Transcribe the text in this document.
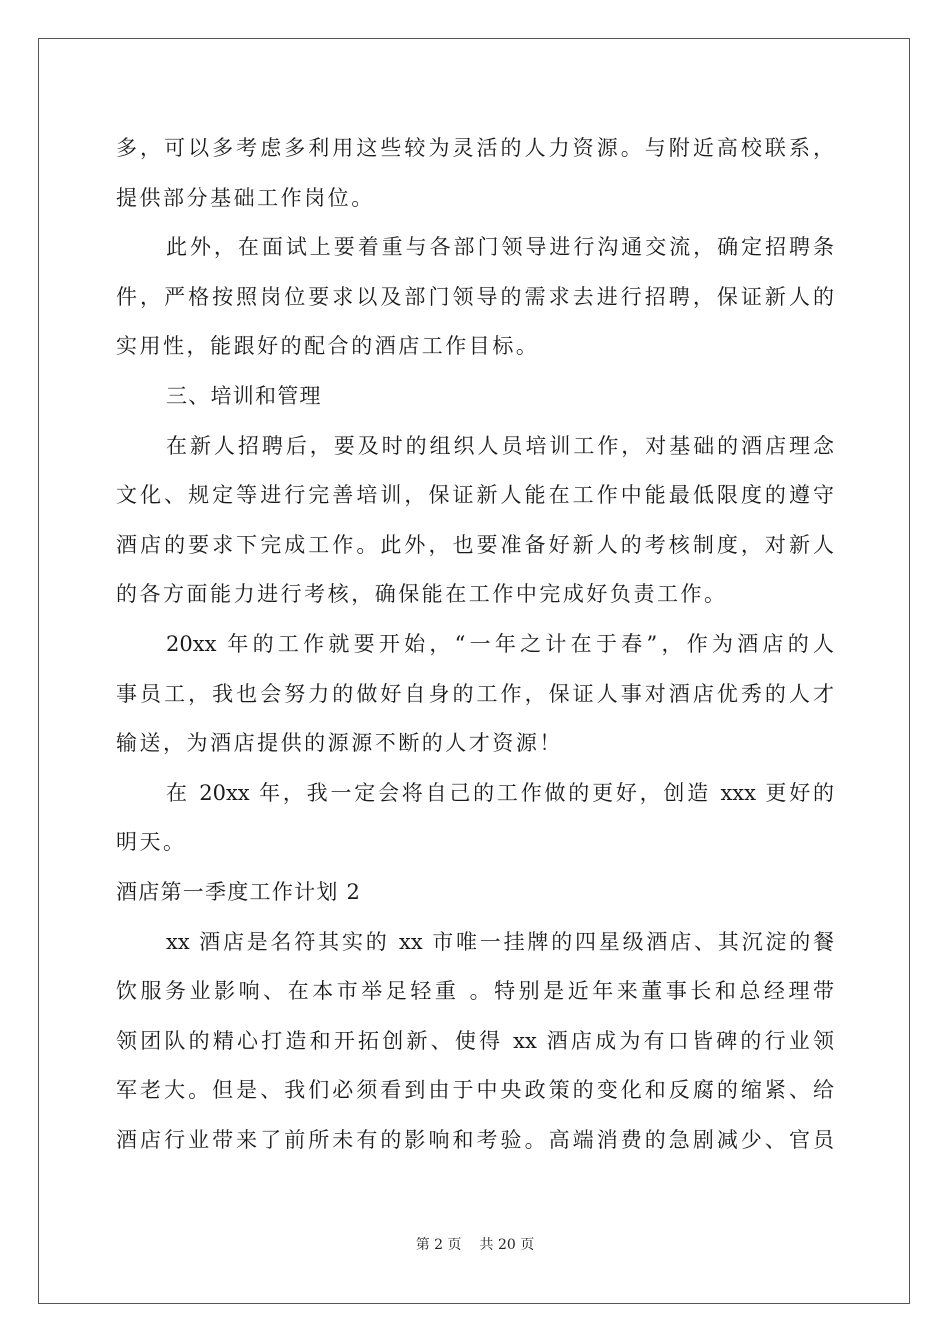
多，可以多考虑多利用这些较为灵活的人力资源。与附近高校联系，
提供部分基础工作岗位。
此外，在面试上要着重与各部门领导进行沟通交流，确定招聘条
件，严格按照岗位要求以及部门领导的需求去进行招聘，保证新人的
实用性，能跟好的配合的酒店工作目标。
三、培训和管理
在新人招聘后，要及时的组织人员培训工作，对基础的酒店理念
文化、规定等进行完善培训，保证新人能在工作中能最低限度的遵守
酒店的要求下完成工作。此外，也要准备好新人的考核制度，对新人
的各方面能力进行考核，确保能在工作中完成好负责工作。
20xx 年的工作就要开始，“一年之计在于春”，作为酒店的人
事员工，我也会努力的做好自身的工作，保证人事对酒店优秀的人才
输送，为酒店提供的源源不断的人才资源！
在 20xx 年，我一定会将自己的工作做的更好，创造 xxx 更好的
明天。
酒店第一季度工作计划 2
xx 酒店是名符其实的 xx 市唯一挂牌的四星级酒店、其沉淀的餐
饮服务业影响、在本市举足轻重 。特别是近年来董事长和总经理带
领团队的精心打造和开拓创新、使得 xx 酒店成为有口皆碑的行业领
军老大。但是、我们必须看到由于中央政策的变化和反腐的缩紧、给
酒店行业带来了前所未有的影响和考验。高端消费的急剧减少、官员
第 2 页 共 20 页
